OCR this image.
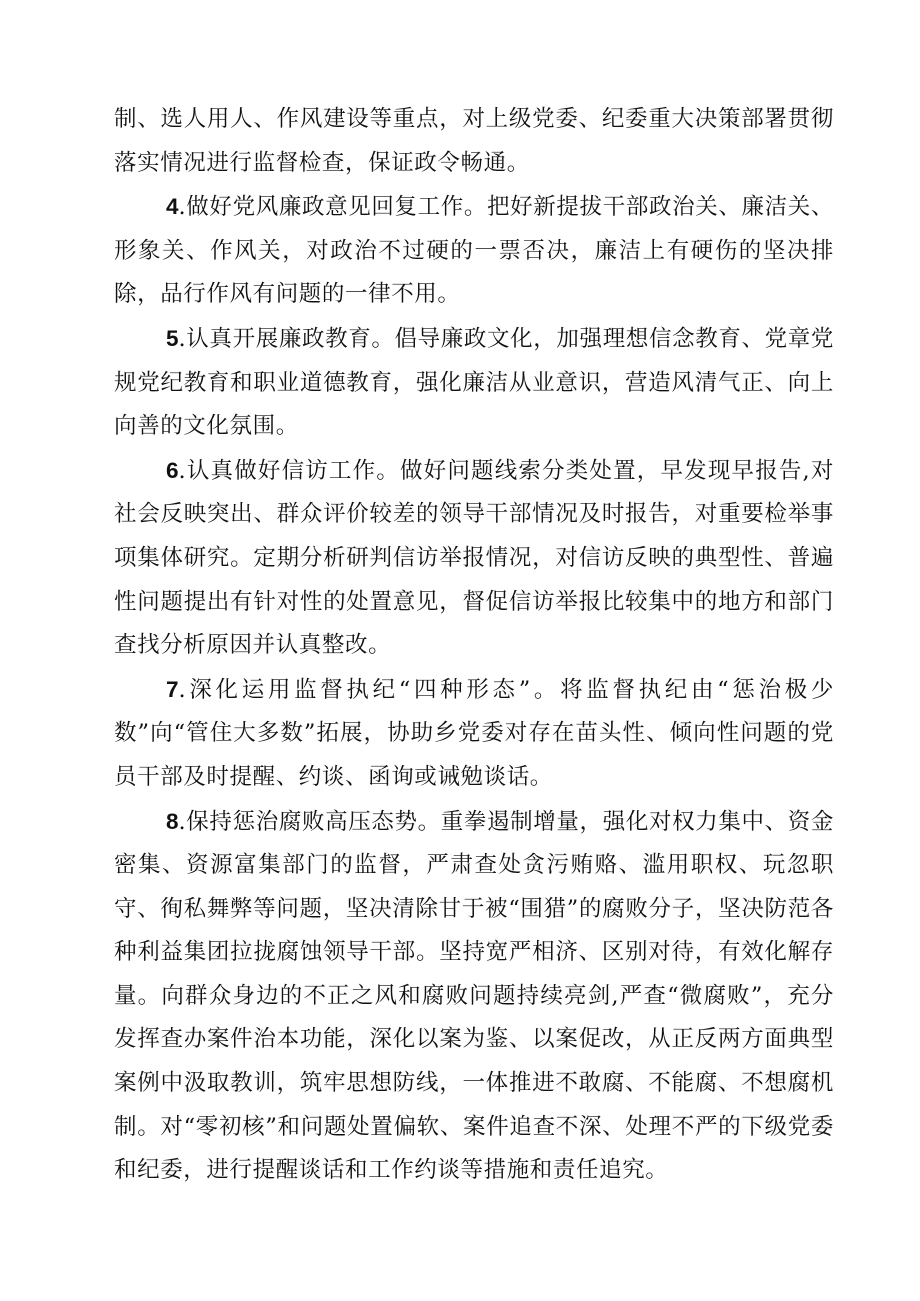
制、选人用人、作风建设等重点，对上级党委、纪委重大决策部署贯彻落实情况进行监督检查，保证政令畅通。

4.做好党风廉政意见回复工作。把好新提拔干部政治关、廉洁关、形象关、作风关，对政治不过硬的一票否决，廉洁上有硬伤的坚决排除，品行作风有问题的一律不用。

5.认真开展廉政教育。倡导廉政文化，加强理想信念教育、党章党规党纪教育和职业道德教育，强化廉洁从业意识，营造风清气正、向上向善的文化氛围。

6.认真做好信访工作。做好问题线索分类处置，早发现早报告,对社会反映突出、群众评价较差的领导干部情况及时报告，对重要检举事项集体研究。定期分析研判信访举报情况，对信访反映的典型性、普遍性问题提出有针对性的处置意见，督促信访举报比较集中的地方和部门查找分析原因并认真整改。

7.深化运用监督执纪“四种形态”。将监督执纪由“惩治极少数”向“管住大多数”拓展，协助乡党委对存在苗头性、倾向性问题的党员干部及时提醒、约谈、函询或诫勉谈话。

8.保持惩治腐败高压态势。重拳遏制增量，强化对权力集中、资金密集、资源富集部门的监督，严肃查处贪污贿赂、滥用职权、玩忽职守、徇私舞弊等问题，坚决清除甘于被“围猎”的腐败分子，坚决防范各种利益集团拉拢腐蚀领导干部。坚持宽严相济、区别对待，有效化解存量。向群众身边的不正之风和腐败问题持续亮剑,严查“微腐败”，充分发挥查办案件治本功能，深化以案为鉴、以案促改，从正反两方面典型案例中汲取教训，筑牢思想防线，一体推进不敢腐、不能腐、不想腐机制。对“零初核”和问题处置偏软、案件追查不深、处理不严的下级党委和纪委，进行提醒谈话和工作约谈等措施和责任追究。
